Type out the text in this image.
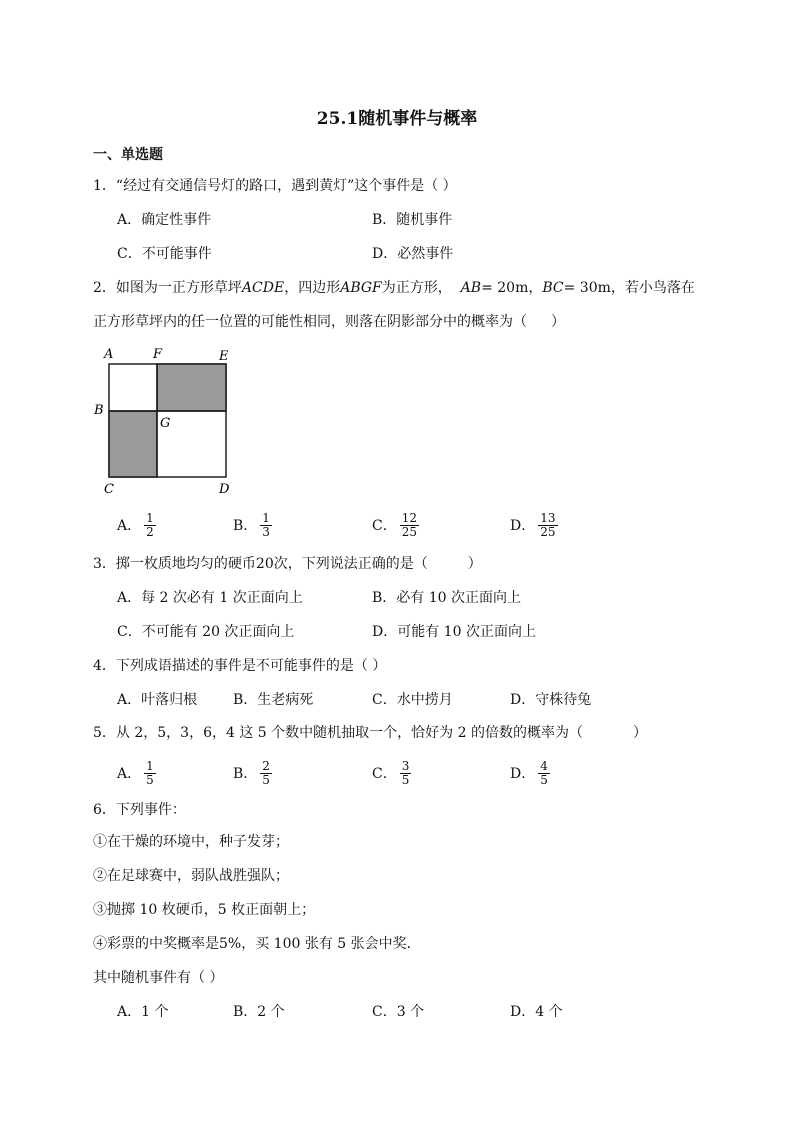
25.1随机事件与概率
一、单选题
1．“经过有交通信号灯的路口，遇到黄灯”这个事件是（ ）
A．确定性事件	B．随机事件
C．不可能事件	D．必然事件
2．如图为一正方形草坪ACDE，四边形ABGF为正方形， AB= 20m，BC= 30m，若小鸟落在
正方形草坪内的任一位置的可能性相同，则落在阴影部分中的概率为（ ）
A	F	E
B
G
C	D
A． $\frac{1}{2}$	B． $\frac{1}{3}$	C． $\frac{12}{25}$	D． $\frac{13}{25}$
3．掷一枚质地均匀的硬币20次，下列说法正确的是（	）
A．每 2 次必有 1 次正面向上	B．必有 10 次正面向上
C．不可能有 20 次正面向上	D．可能有 10 次正面向上
4．下列成语描述的事件是不可能事件的是（ ）
A．叶落归根	B．生老病死	C．水中捞月	D．守株待兔
5．从 2，5，3，6，4 这 5 个数中随机抽取一个，恰好为 2 的倍数的概率为（	）
A． $\frac{1}{5}$	B． $\frac{2}{5}$	C． $\frac{3}{5}$	D． $\frac{4}{5}$
6．下列事件：
①在干燥的环境中，种子发芽；
②在足球赛中，弱队战胜强队；
③抛掷 10 枚硬币，5 枚正面朝上；
④彩票的中奖概率是5%，买 100 张有 5 张会中奖．
其中随机事件有（ ）
A．1 个	B．2 个	C．3 个	D．4 个
